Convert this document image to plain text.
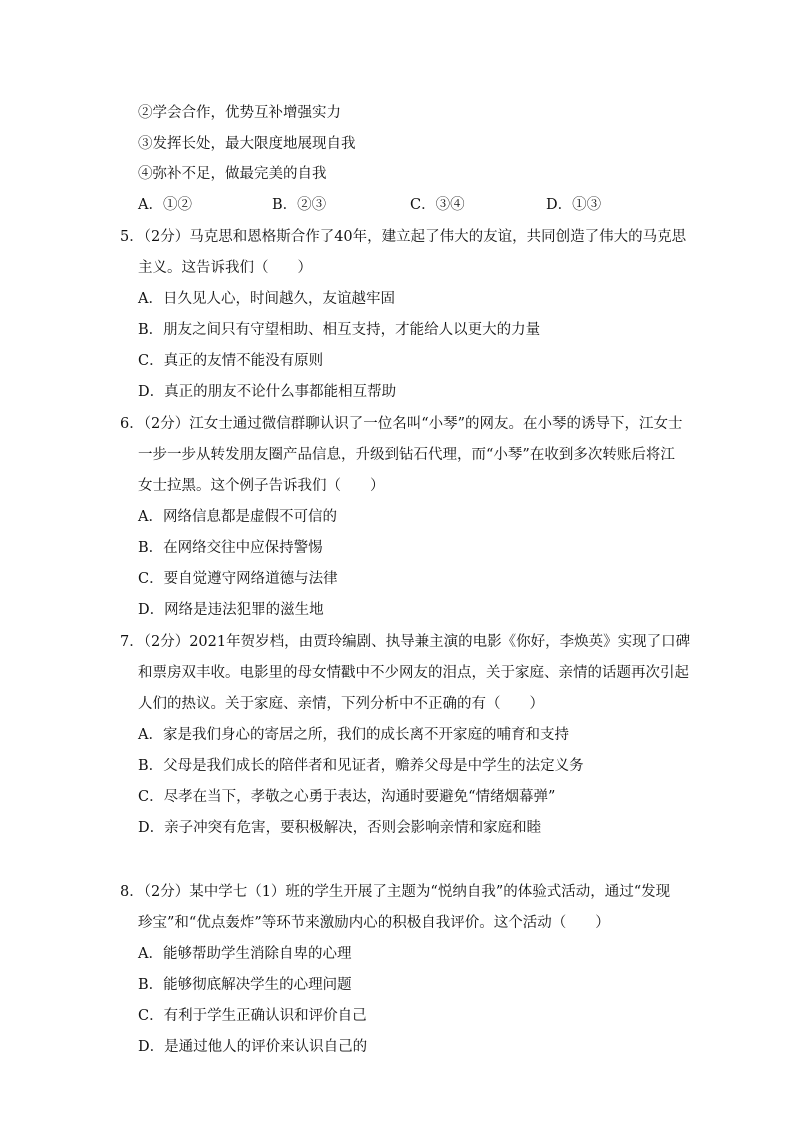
②学会合作，优势互补增强实力
③发挥长处，最大限度地展现自我
④弥补不足，做最完美的自我
A．①②	B．②③	C．③④	D．①③
5．（2分）马克思和恩格斯合作了40年，建立起了伟大的友谊，共同创造了伟大的马克思
主义。这告诉我们（　　）
A．日久见人心，时间越久，友谊越牢固
B．朋友之间只有守望相助、相互支持，才能给人以更大的力量
C．真正的友情不能没有原则
D．真正的朋友不论什么事都能相互帮助
6．（2分）江女士通过微信群聊认识了一位名叫“小琴”的网友。在小琴的诱导下，江女士
一步一步从转发朋友圈产品信息，升级到钻石代理，而“小琴”在收到多次转账后将江
女士拉黑。这个例子告诉我们（　　）
A．网络信息都是虚假不可信的
B．在网络交往中应保持警惕
C．要自觉遵守网络道德与法律
D．网络是违法犯罪的滋生地
7．（2分）2021年贺岁档，由贾玲编剧、执导兼主演的电影《你好，李焕英》实现了口碑
和票房双丰收。电影里的母女情戳中不少网友的泪点，关于家庭、亲情的话题再次引起
人们的热议。关于家庭、亲情，下列分析中不正确的有（　　）
A．家是我们身心的寄居之所，我们的成长离不开家庭的哺育和支持
B．父母是我们成长的陪伴者和见证者，赡养父母是中学生的法定义务
C．尽孝在当下，孝敬之心勇于表达，沟通时要避免“情绪烟幕弹”
D．亲子冲突有危害，要积极解决，否则会影响亲情和家庭和睦
8．（2分）某中学七（1）班的学生开展了主题为“悦纳自我”的体验式活动，通过“发现
珍宝”和“优点轰炸”等环节来激励内心的积极自我评价。这个活动（　　）
A．能够帮助学生消除自卑的心理
B．能够彻底解决学生的心理问题
C．有利于学生正确认识和评价自己
D．是通过他人的评价来认识自己的
